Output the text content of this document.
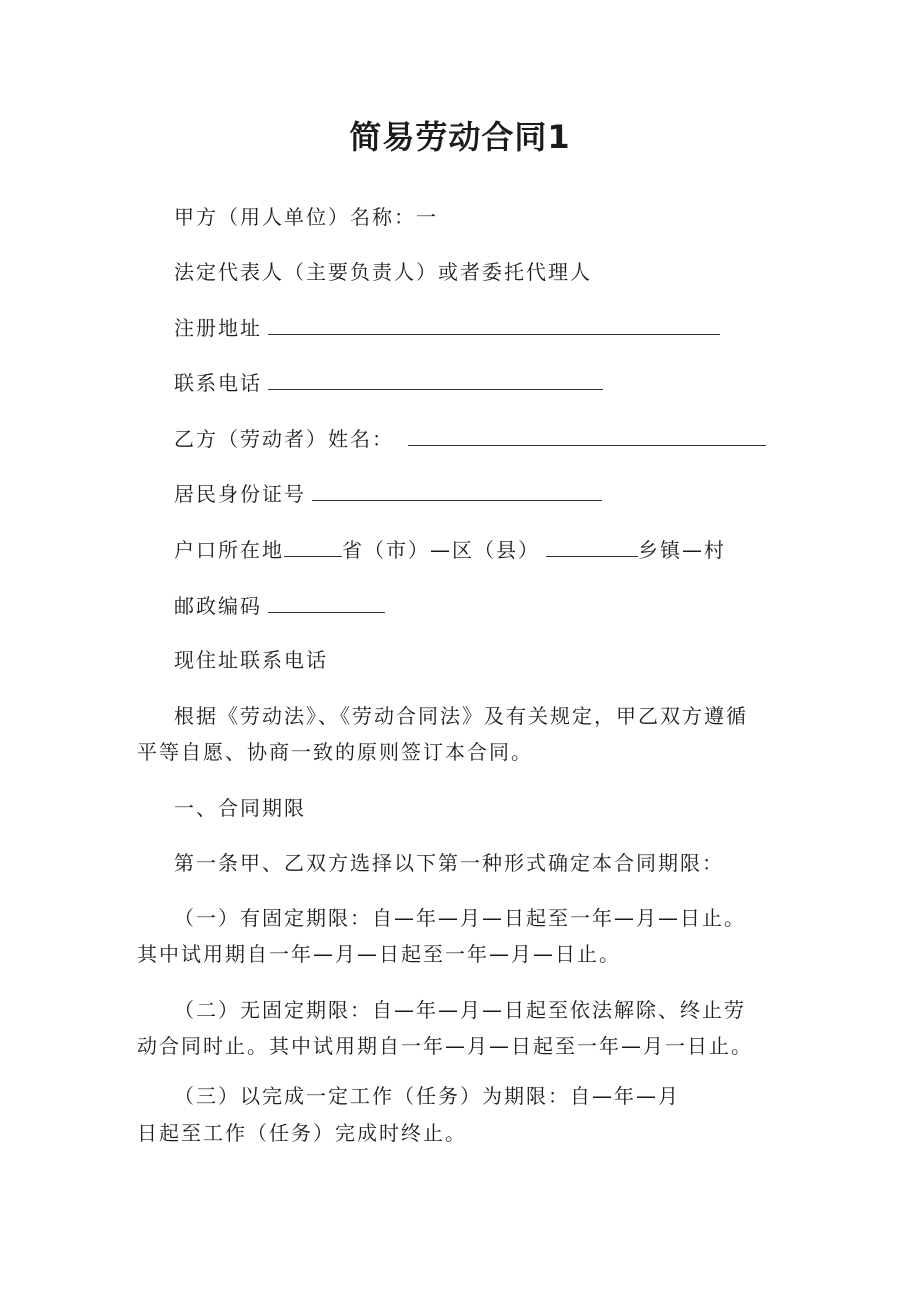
简易劳动合同1
甲方（用人单位）名称：一
法定代表人（主要负责人）或者委托代理人
注册地址
联系电话
乙方（劳动者）姓名：
居民身份证号
户口所在地	省（市）—区（县）	乡镇—村
邮政编码
现住址联系电话
根据《劳动法》、《劳动合同法》及有关规定，甲乙双方遵循
平等自愿、协商一致的原则签订本合同。
一、合同期限
第一条甲、乙双方选择以下第一种形式确定本合同期限：
（一）有固定期限：自—年—月—日起至一年—月—日止。
其中试用期自一年—月—日起至一年—月—日止。
（二）无固定期限：自—年—月—日起至依法解除、终止劳
动合同时止。其中试用期自一年—月—日起至一年—月一日止。
（三）以完成一定工作（任务）为期限：自—年—月
日起至工作（任务）完成时终止。
